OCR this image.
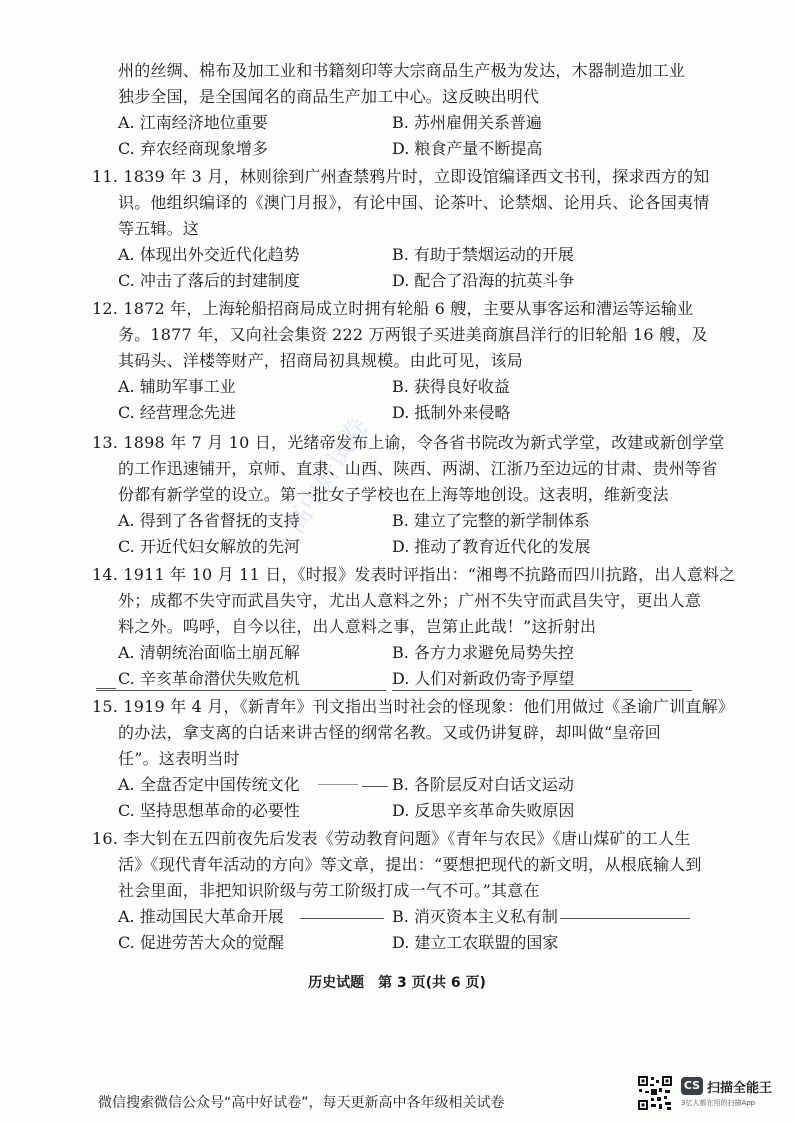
高中好试卷
州的丝绸、棉布及加工业和书籍刻印等大宗商品生产极为发达，木器制造加工业
独步全国，是全国闻名的商品生产加工中心。这反映出明代
A. 江南经济地位重要	B. 苏州雇佣关系普遍
C. 弃农经商现象增多	D. 粮食产量不断提高
11. 1839 年 3 月，林则徐到广州查禁鸦片时，立即设馆编译西文书刊，探求西方的知
识。他组织编译的《澳门月报》，有论中国、论茶叶、论禁烟、论用兵、论各国夷情
等五辑。这
A. 体现出外交近代化趋势	B. 有助于禁烟运动的开展
C. 冲击了落后的封建制度	D. 配合了沿海的抗英斗争
12. 1872 年，上海轮船招商局成立时拥有轮船 6 艘，主要从事客运和漕运等运输业
务。1877 年，又向社会集资 222 万两银子买进美商旗昌洋行的旧轮船 16 艘，及
其码头、洋楼等财产，招商局初具规模。由此可见，该局
A. 辅助军事工业	B. 获得良好收益
C. 经营理念先进	D. 抵制外来侵略
13. 1898 年 7 月 10 日，光绪帝发布上谕，令各省书院改为新式学堂，改建或新创学堂
的工作迅速铺开，京师、直隶、山西、陕西、两湖、江浙乃至边远的甘肃、贵州等省
份都有新学堂的设立。第一批女子学校也在上海等地创设。这表明，维新变法
A. 得到了各省督抚的支持	B. 建立了完整的新学制体系
C. 开近代妇女解放的先河	D. 推动了教育近代化的发展
14. 1911 年 10 月 11 日，《时报》发表时评指出：“湘粤不抗路而四川抗路，出人意料之
外；成都不失守而武昌失守，尤出人意料之外；广州不失守而武昌失守，更出人意
料之外。呜呼，自今以往，出人意料之事，岂第止此哉！”这折射出
A. 清朝统治面临土崩瓦解	B. 各方力求避免局势失控
C. 辛亥革命潜伏失败危机	D. 人们对新政仍寄予厚望
15. 1919 年 4 月，《新青年》刊文指出当时社会的怪现象：他们用做过《圣谕广训直解》
的办法，拿支离的白话来讲古怪的纲常名教。又或仍讲复辟，却叫做“皇帝回
任”。这表明当时
A. 全盘否定中国传统文化	B. 各阶层反对白话文运动
C. 坚持思想革命的必要性	D. 反思辛亥革命失败原因
16. 李大钊在五四前夜先后发表《劳动教育问题》《青年与农民》《唐山煤矿的工人生
活》《现代青年活动的方向》等文章，提出：“要想把现代的新文明，从根底输人到
社会里面，非把知识阶级与劳工阶级打成一气不可。”其意在
A. 推动国民大革命开展	B. 消灭资本主义私有制
C. 促进劳苦大众的觉醒	D. 建立工农联盟的国家
历史试题　第 3 页(共 6 页)
微信搜索微信公众号“高中好试卷”，每天更新高中各年级相关试卷
CS 扫描全能王
3亿人都在用的扫描App
